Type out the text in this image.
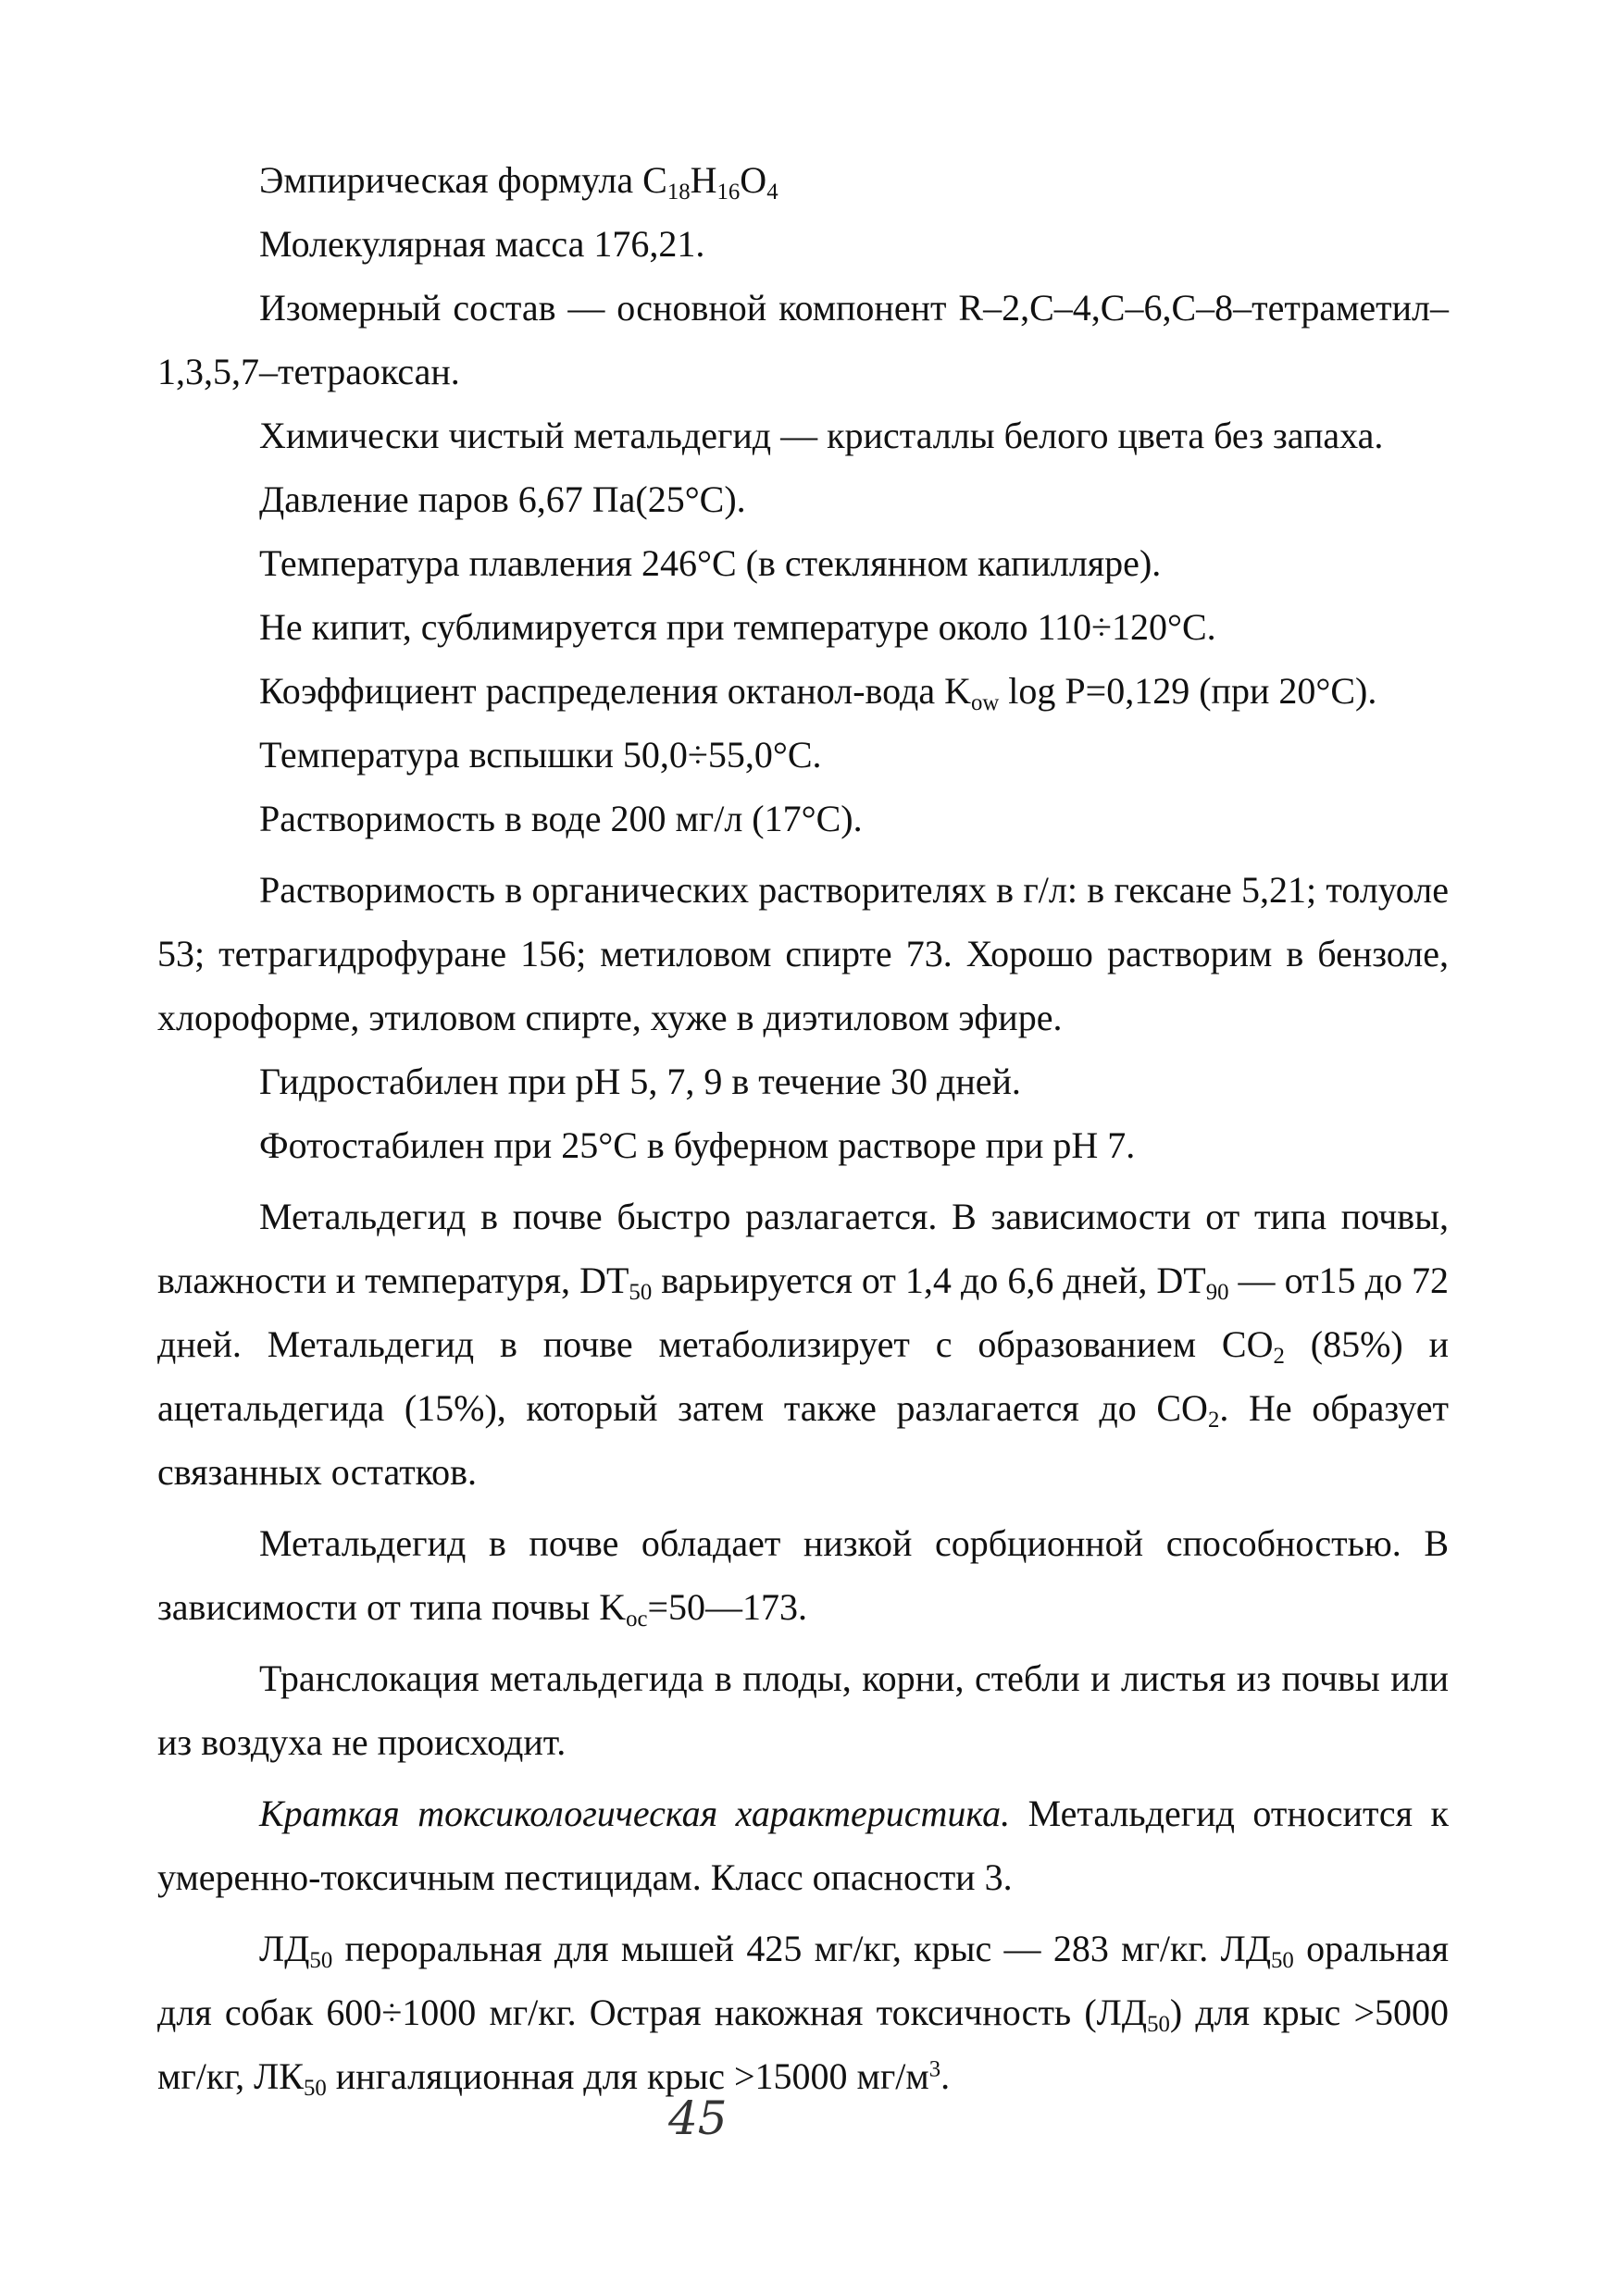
Эмпирическая формула $C_{18}H_{16}O_4$

Молекулярная масса 176,21.

Изомерный состав — основной компонент R–2,C–4,C–6,C–8–тетраметил–1,3,5,7–тетраоксан.

Химически чистый метальдегид — кристаллы белого цвета без запаха.

Давление паров 6,67 Па(25°С).

Температура плавления 246°С (в стеклянном капилляре).

Не кипит, сублимируется при температуре около 110÷120°С.

Коэффициент распределения октанол-вода $K_{ow}$ log P=0,129 (при 20°С).

Температура вспышки 50,0÷55,0°С.

Растворимость в воде 200 мг/л (17°С).

Растворимость в органических растворителях в г/л: в гексане 5,21; толуоле 53; тетрагидрофуране 156; метиловом спирте 73. Хорошо растворим в бензоле, хлороформе, этиловом спирте, хуже в диэтиловом эфире.

Гидростабилен при рН 5, 7, 9 в течение 30 дней.

Фотостабилен при 25°С в буферном растворе при рН 7.

Метальдегид в почве быстро разлагается. В зависимости от типа почвы, влажности и температуря, $DT_{50}$ варьируется от 1,4 до 6,6 дней, $DT_{90}$ — от15 до 72 дней. Метальдегид в почве метаболизирует с образованием $CO_2$ (85%) и ацетальдегида (15%), который затем также разлагается до $CO_2$. Не образует связанных остатков.

Метальдегид в почве обладает низкой сорбционной способностью. В зависимости от типа почвы $K_{oc}=50—173$.

Транслокация метальдегида в плоды, корни, стебли и листья из почвы или из воздуха не происходит.

Краткая токсикологическая характеристика. Метальдегид относится к умеренно-токсичным пестицидам. Класс опасности 3.

$ЛД_{50}$ пероральная для мышей 425 мг/кг, крыс — 283 мг/кг. $ЛД_{50}$ оральная для собак 600÷1000 мг/кг. Острая накожная токсичность $(ЛД_{50})$ для крыс >5000 мг/кг, $ЛК_{50}$ ингаляционная для крыс >15000 $мг/м^3$.

45
